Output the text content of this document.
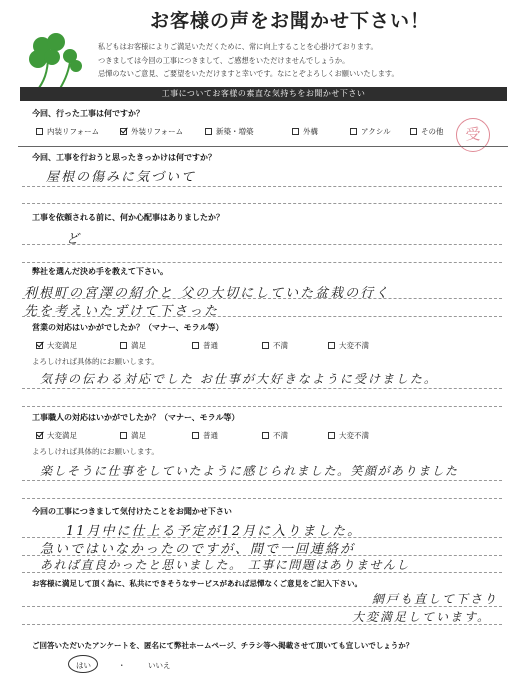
お客様の声をお聞かせ下さい！
私どもはお客様によりご満足いただくために、常に向上することを心掛けております。
つきましては今回の工事につきまして、ご感想をいただけませんでしょうか。
忌憚のないご意見、ご要望をいただけますと幸いです。なにとぞよろしくお願いいたします。
工事についてお客様の素直な気持ちをお聞かせ下さい
受
今回、行った工事は何ですか？
内装リフォーム	外装リフォーム	新築・増築	外構	アクシル	その他
今回、工事を行おうと思ったきっかけは何ですか？
屋根の傷みに気づいて
工事を依頼される前に、何か心配事はありましたか？
ど
弊社を選んだ決め手を教えて下さい。
利根町の宮澤の紹介と 父の大切にしていた盆栽の行く
先を考えいたずけて下さった
営業の対応はいかがでしたか？（マナー、モラル等）
大変満足	満足	普通	不満	大変不満
よろしければ具体的にお願いします。
気持の伝わる対応でした お仕事が大好きなように受けました。
工事職人の対応はいかがでしたか？（マナー、モラル等）
大変満足	満足	普通	不満	大変不満
よろしければ具体的にお願いします。
楽しそうに仕事をしていたように感じられました。笑顔がありました
今回の工事につきまして気付けたことをお聞かせ下さい
11月中に仕上る予定が12月に入りました。
急いではいなかったのですが、間で一回連絡が
あれば直良かったと思いました。 工事に問題はありませんし
お客様に満足して頂く為に、私共にできそうなサービスがあれば忌憚なくご意見をご記入下さい。
網戸も直して下さり
大変満足しています。
ご回答いただいたアンケートを、匿名にて弊社ホームページ、チラシ等へ掲載させて頂いても宜しいでしょうか？
はい	・	いいえ
